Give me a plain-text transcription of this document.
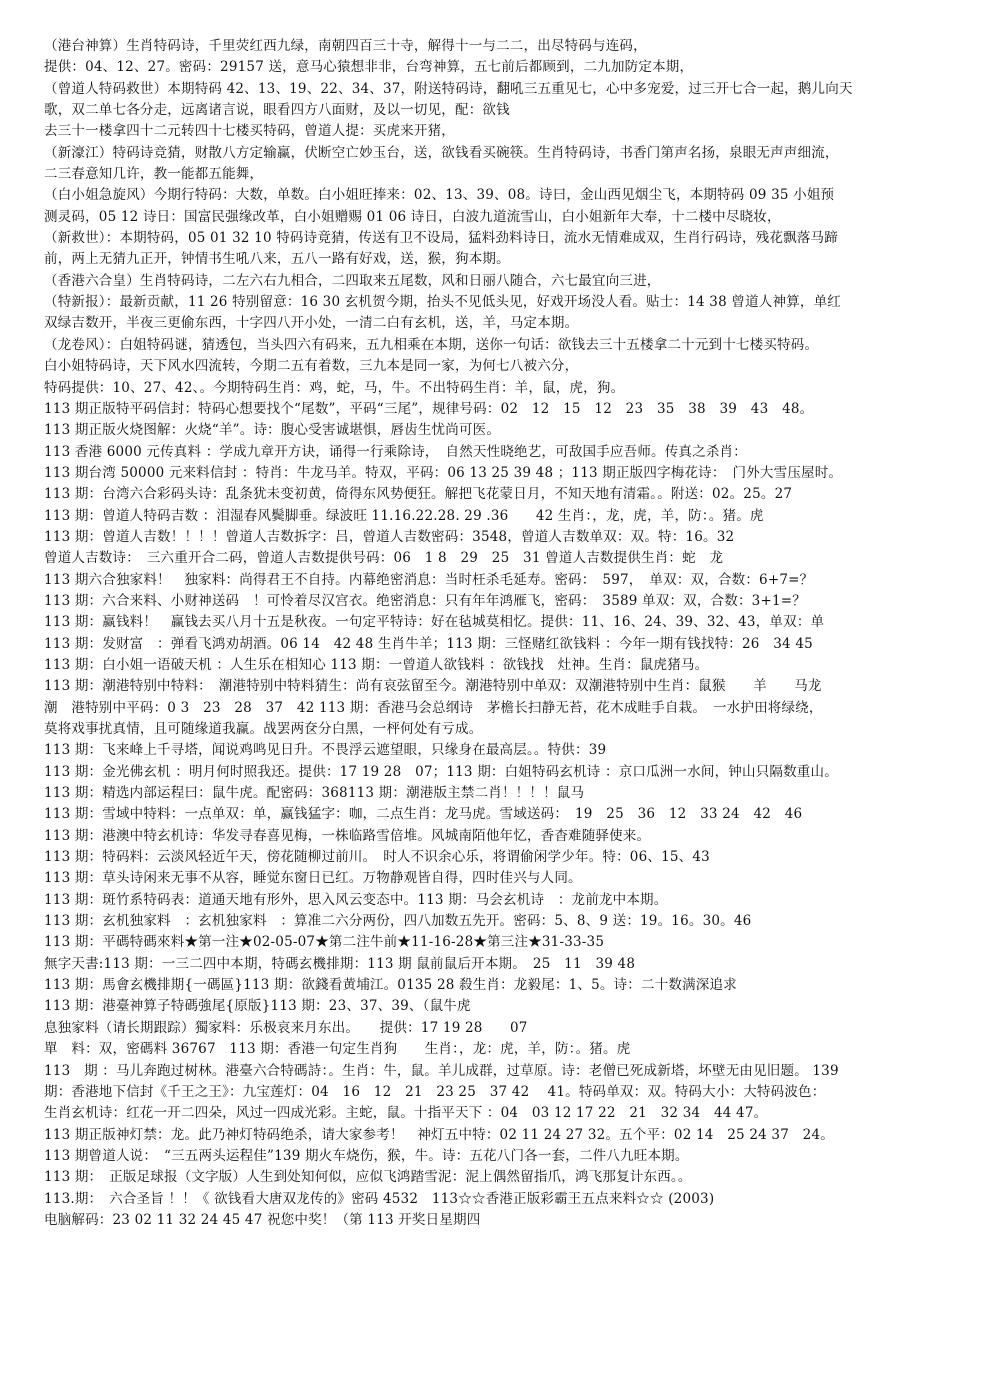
（港台神算）生肖特码诗，千里荧红西九绿，南朝四百三十寺，解得十一与二二，出尽特码与连码，
提供：04、12、27。密码：29157 送，意马心猿想非非，台弯神算，五七前后都顾到，二九加防定本期，
（曾道人特码救世）本期特码 42、13、19、22、34、37，附送特码诗，翻吼三五重见七，心中多宠爱，过三开七合一起，鹅儿向天
歌，双二单七各分走，远离诸言说，眼看四方八面财，及以一切见，配：欲钱
去三十一楼拿四十二元转四十七楼买特码，曾道人提：买虎来开猪，
（新濠江）特码诗竞猜，财散八方定输赢，伏断空亡妙玉台，送，欲钱看买碗筷。生肖特码诗，书香门第声名扬，泉眼无声声细流，
二三春意知几许，教一能都五能舞，
（白小姐急旋风）今期行特码：大数，单数。白小姐旺捧来：02、13、39、08。诗曰，金山西见烟尘飞，本期特码 09 35 小姐预
测灵码，05 12 诗日：国富民强缘改革，白小姐赠赐 01 06 诗日，白波九道流雪山，白小姐新年大奉，十二楼中尽晓妆，
（新救世）：本期特码，05 01 32 10 特码诗竟猜，传送有卫不设局，猛料劲料诗日，流水无情难成双，生肖行码诗，残花飘落马蹄
前，两上无猜九正开，钟情书生吼八来，五八一路有好戏，送，猴，狗本期。
（香港六合皇）生肖特码诗，二左六右九相合，二四取来五尾数，风和日丽八随合，六七最宜向三进，
（特新报）：最新贡献，11 26 特别留意：16 30 玄机贺今期，抬头不见低头见，好戏开场没人看。贴士：14 38 曾道人神算，单红
双绿吉数开，半夜三更偷东西，十字四八开小处，一清二白有玄机，送，羊，马定本期。
（龙卷风）：白姐特码谜，猜透包，当头四六有码来，五九相乘在本期，送你一句话：欲钱去三十五楼拿二十元到十七楼买特码。
白小姐特码诗，天下风水四流转，今期二五有着数，三九本是同一家，为何七八被六分，
特码提供：10、27、42、。今期特码生肖：鸡，蛇，马，牛。不出特码生肖：羊，鼠，虎，狗。
113 期正版特平码信封：特码心想要找个“尾数”，平码“三尾”，规律号码：02　12　15　12　23　35　38　39　43　48。
113 期正版火烧图解：火烧“羊”。诗：腹心受害诚堪惧，唇齿生忧尚可医。
113 香港 6000 元传真料 ：学成九章开方诀，诵得一行乘除诗，　自然天性晓绝艺，可敌国手应吾师。传真之杀肖：
113 期台湾 50000 元来料信封 ：特肖：牛龙马羊。特双，平码：06 13 25 39 48 ；113 期正版四字梅花诗：　门外大雪压屋时。
113 期：台湾六合彩码头诗：乱条犹未变初黄，倚得东风势便狂。解把飞花蒙日月，不知天地有清霜。。附送：02。25。27
113 期：曾道人特码吉数 ：泪湿春风鬓脚垂。绿波旺 11.16.22.28. 29 .36　　42 生肖：，龙，虎，羊，防：。猪。虎
113 期：曾道人吉数！！！！曾道人吉数拆字：吕，曾道人吉数密码：3548，曾道人吉数单双：双。特：16。32
曾道人吉数诗：　三六重开合二码，曾道人吉数提供号码：06　1 8　29　25　31 曾道人吉数提供生肖：蛇　龙
113 期六合独家料！　独家料：尚得君王不自持。内幕绝密消息：当时枉杀毛延寿。密码：　597，　单双：双，合数：6+7=？
113 期：六合来料、小财神送码　！可怜着尽汉宫衣。绝密消息：只有年年鸿雁飞，密码：　3589 单双：双，合数：3+1=？
113 期：赢钱料！　赢钱去买八月十五是秋夜。一句定平特诗：好在毡城莫相忆。提供：11、16、24、39、32、43，单双：单
113 期：发财富　：弹看飞鸿劝胡酒。06 14　42 48 生肖牛羊；113 期：三怪赌红欲钱料 ：今年一期有钱找特：26　34 45
113 期：白小姐一语破天机 ：人生乐在相知心 113 期：一曾道人欲钱料 ：欲钱找　灶神。生肖：鼠虎猪马。
113 期：潮港特别中特料：　潮港特别中特料猜生：尚有哀弦留至今。潮港特别中单双：双潮港特别中生肖：鼠猴　　羊　　马龙
潮　港特别中平码：0 3　23　28　37　42 113 期：香港马会总纲诗　茅檐长扫静无苔，花木成畦手自栽。　一水护田将绿绕，
莫将戏事扰真情，且可随缘道我赢。战罢两奁分白黑，一枰何处有亏成。
113 期：飞来峰上千寻塔，闻说鸡鸣见日升。不畏浮云遮望眼，只缘身在最高层。。特供：39
113 期：金光佛玄机 ：明月何时照我还。提供：17 19 28　07；113 期：白姐特码玄机诗 ：京口瓜洲一水间，钟山只隔数重山。
113 期：精选内部运程曰：鼠牛虎。配密码：368113 期：潮港版主禁二肖！！！！鼠马
113 期：雪域中特料：一点单双：单，赢钱猛字：咖，二点生肖：龙马虎。雪域送码：　19　25　36　12　33 24　42　46
113 期：港澳中特玄机诗：华发寻春喜见梅，一株临路雪倍堆。风城南陌他年忆，香杳难随驿使来。
113 期：特码料：云淡风轻近午天，傍花随柳过前川。　时人不识余心乐，将谓偷闲学少年。特：06、15、43
113 期：草头诗闲来无事不从容，睡觉东窗日已红。万物静观皆自得，四时佳兴与人同。
113 期：斑竹系特码表：道通天地有形外，思入风云变态中。113 期：马会玄机诗　：龙前龙中本期。
113 期：玄机独家料　：玄机独家料　：算准二六分两份，四八加数五先开。密码：5、8、9 送：19。16。30。46
113 期：平碼特碼來料★第一注★02-05-07★第二注牛前★11-16-28★第三注★31-33-35
無字天書:113 期：一三二四中本期，特碼玄機排期：113 期 鼠前鼠后开本期。　25　11　39 48
113 期：馬會玄機排期{一碼區}113 期：欲錢看黄埔江。0135 28 殺生肖：龙毅尾：1、5。诗：二十数满深追求
113 期：港臺神算子特碼強尾{原版}113 期：23、37、39、（鼠牛虎
息独家料（请长期跟踪）獨家料：乐极哀来月东出。　　提供：17 19 28　　07
單　料：双，密碼料 36767　113 期：香港一句定生肖狗　　生肖：，龙：虎，羊，防：。猪。虎
113　期 ：马儿奔跑过树林。港臺六合特碼詩：。生肖：牛，鼠。羊儿成群，过草原。诗：老僧已死成新塔，坏壁无由见旧题。 139
期：香港地下信封《千王之王》：九宝莲灯：04　16　12　21　23 25　37 42　 41。特码单双：双。特码大小：大特码波色：
生肖玄机诗：红花一开二四朵，风过一四成光彩。主蛇，鼠。十指平天下 ：04　03 12 17 22　21　32 34　44 47。
113 期正版神灯禁：龙。此乃神灯特码绝杀，请大家参考！　神灯五中特：02 11 24 27 32。五个平：02 14　25 24 37　24。
113 期曾道人说：　“三五两头运程佳”139 期火车烧伤，猴，牛。诗：五花八门各一套，二件八九旺本期。
113 期：　正版足球报（文字版）人生到处知何似，应似飞鸿踏雪泥：泥上偶然留指爪，鸿飞那复计东西。。
113.期：　六合圣旨 ！！《 欲钱看大唐双龙传的》密码 4532　113☆☆香港正版彩霸王五点来料☆☆ (2003)
电脑解码：23 02 11 32 24 45 47 祝您中奖！（第 113 开奖日星期四
